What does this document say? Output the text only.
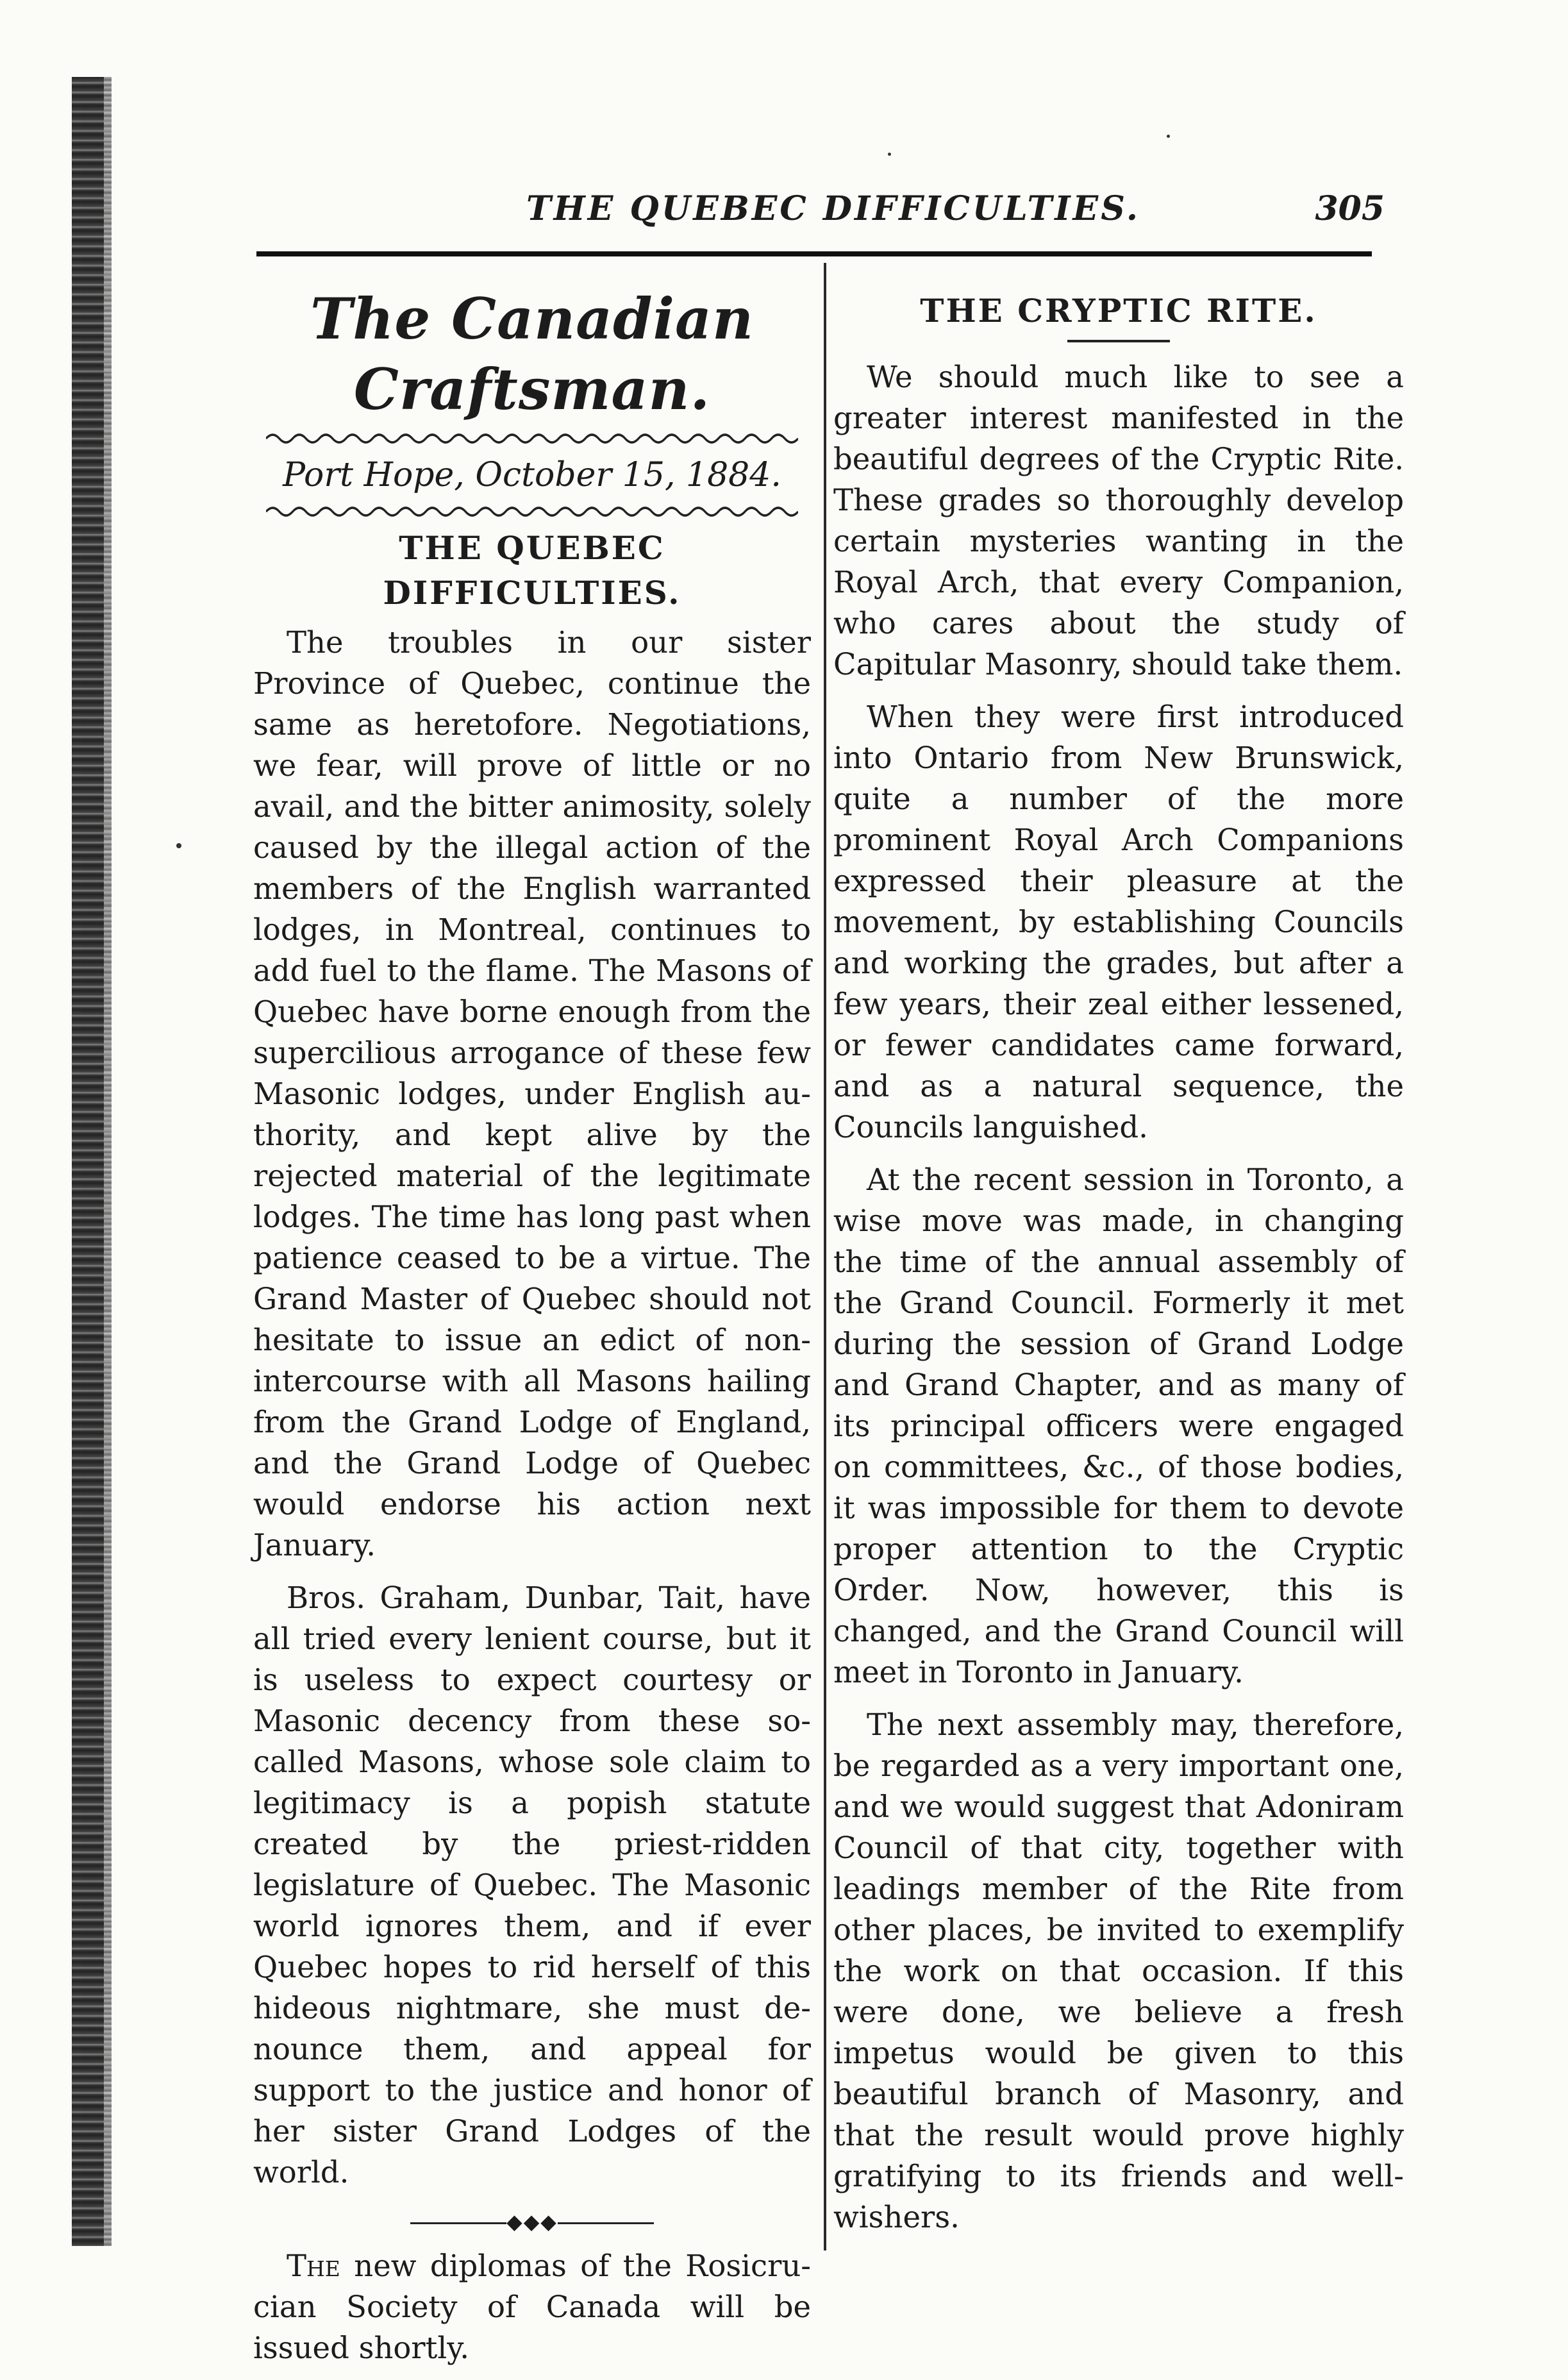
THE QUEBEC DIFFICULTIES.	305
The Canadian Craftsman.
Port Hope, October 15, 1884.
THE QUEBEC DIFFICULTIES.

The troubles in our sister Province of Quebec, continue the same as heretofore. Negotiations, we fear, will prove of little or no avail, and the bitter animosity, solely caused by the illegal action of the members of the English warranted lodges, in Montreal, continues to add fuel to the flame. The Masons of Quebec have borne enough from the supercilious arrogance of these few Masonic lodges, under English authority, and kept alive by the rejected material of the legitimate lodges. The time has long past when patience ceased to be a virtue. The Grand Master of Quebec should not hesitate to issue an edict of non-intercourse with all Masons hailing from the Grand Lodge of England, and the Grand Lodge of Quebec would endorse his action next January.

Bros. Graham, Dunbar, Tait, have all tried every lenient course, but it is useless to expect courtesy or Masonic decency from these so-called Masons, whose sole claim to legitimacy is a popish statute created by the priest-ridden legislature of Quebec. The Masonic world ignores them, and if ever Quebec hopes to rid herself of this hideous nightmare, she must denounce them, and appeal for support to the justice and honor of her sister Grand Lodges of the world.

◆◆◆

The new diplomas of the Rosicrucian Society of Canada will be issued shortly.

THE CRYPTIC RITE.

We should much like to see a greater interest manifested in the beautiful degrees of the Cryptic Rite. These grades so thoroughly develop certain mysteries wanting in the Royal Arch, that every Companion, who cares about the study of Capitular Masonry, should take them.

When they were first introduced into Ontario from New Brunswick, quite a number of the more prominent Royal Arch Companions expressed their pleasure at the movement, by establishing Councils and working the grades, but after a few years, their zeal either lessened, or fewer candidates came forward, and as a natural sequence, the Councils languished.

At the recent session in Toronto, a wise move was made, in changing the time of the annual assembly of the Grand Council. Formerly it met during the session of Grand Lodge and Grand Chapter, and as many of its principal officers were engaged on committees, &c., of those bodies, it was impossible for them to devote proper attention to the Cryptic Order. Now, however, this is changed, and the Grand Council will meet in Toronto in January.

The next assembly may, therefore, be regarded as a very important one, and we would suggest that Adoniram Council of that city, together with leadings member of the Rite from other places, be invited to exemplify the work on that occasion. If this were done, we believe a fresh impetus would be given to this beautiful branch of Masonry, and that the result would prove highly gratifying to its friends and well-wishers.
